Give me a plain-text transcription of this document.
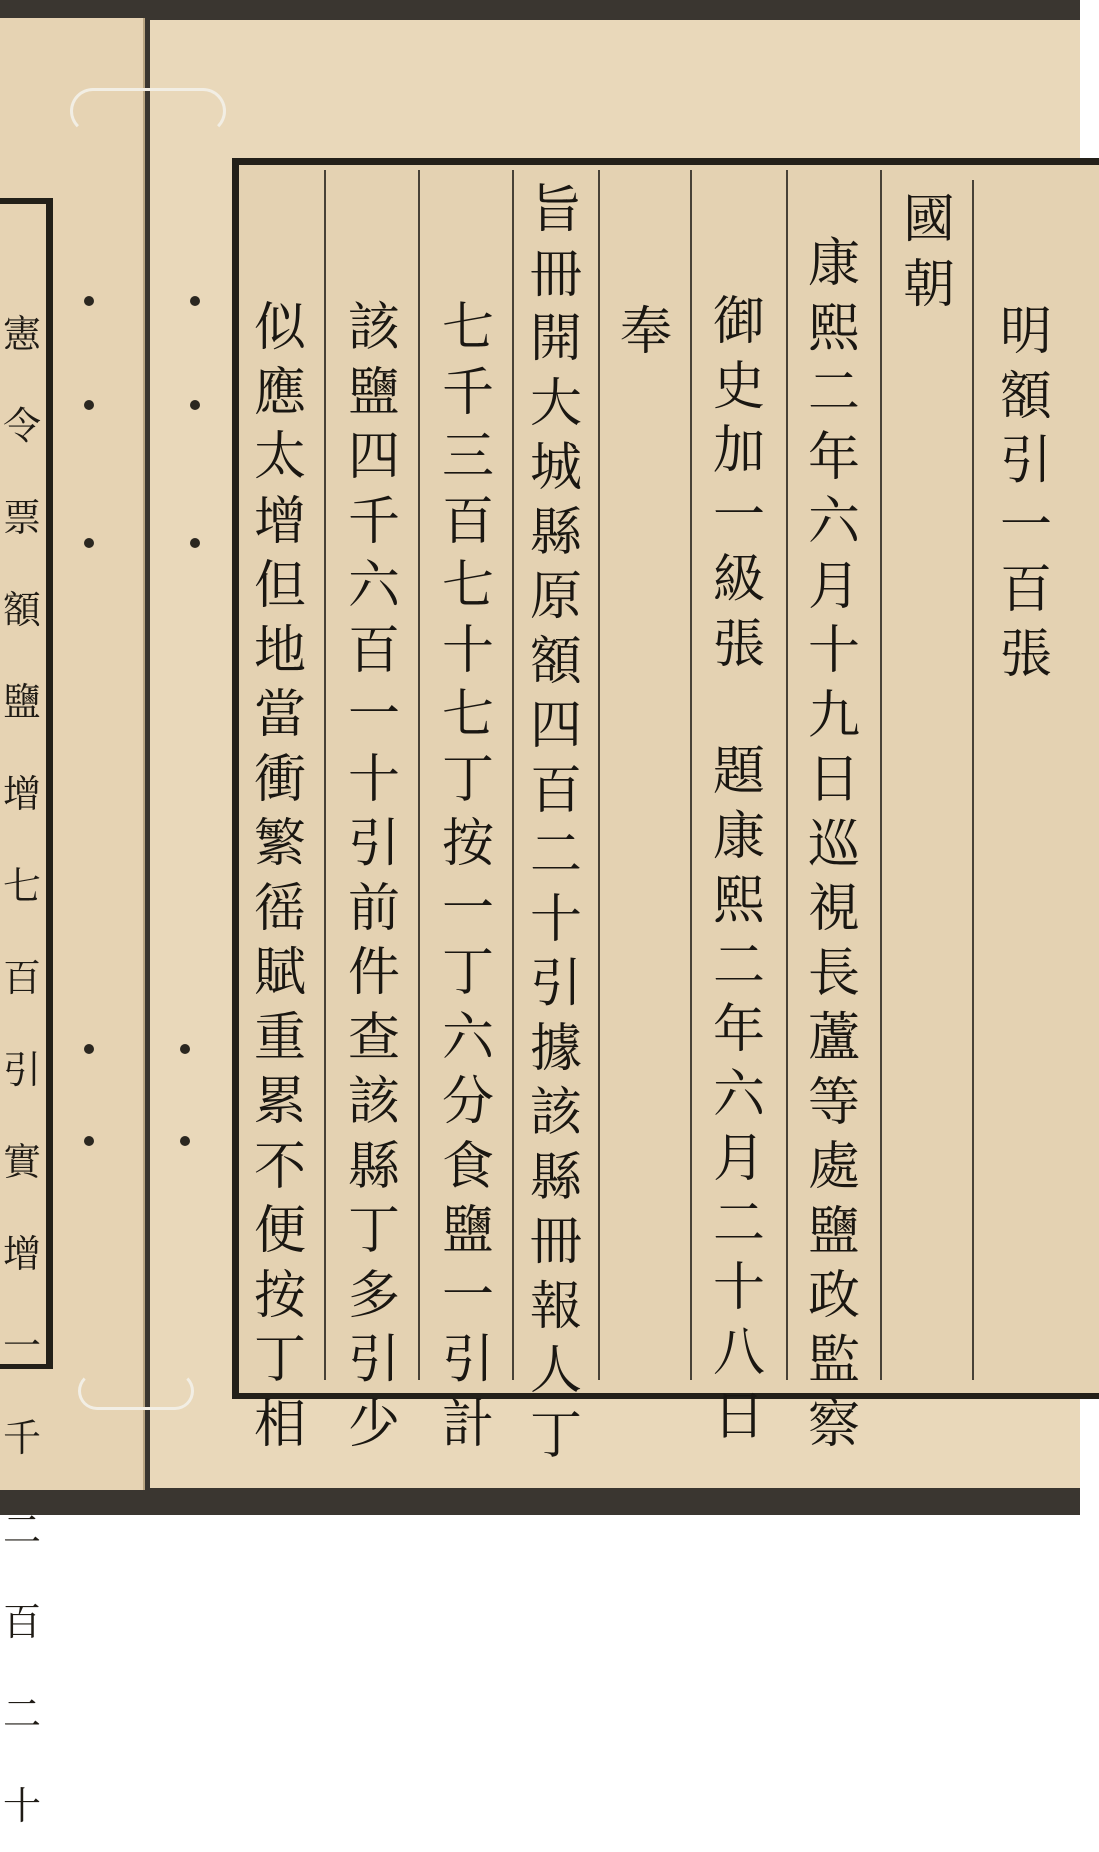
憲令票額鹽增七百引實增一千二百二十
明額引一百張
國朝
康熙二年六月十九日巡視長蘆等處鹽政監察
御史加一級張
題康熙二年六月二十八日
奉
旨冊開大城縣原額四百二十引據該縣冊報人丁
七千三百七十七丁按一丁六分食鹽一引計
該鹽四千六百一十引前件查該縣丁多引少
似應太增但地當衝繁徭賦重累不便按丁相
